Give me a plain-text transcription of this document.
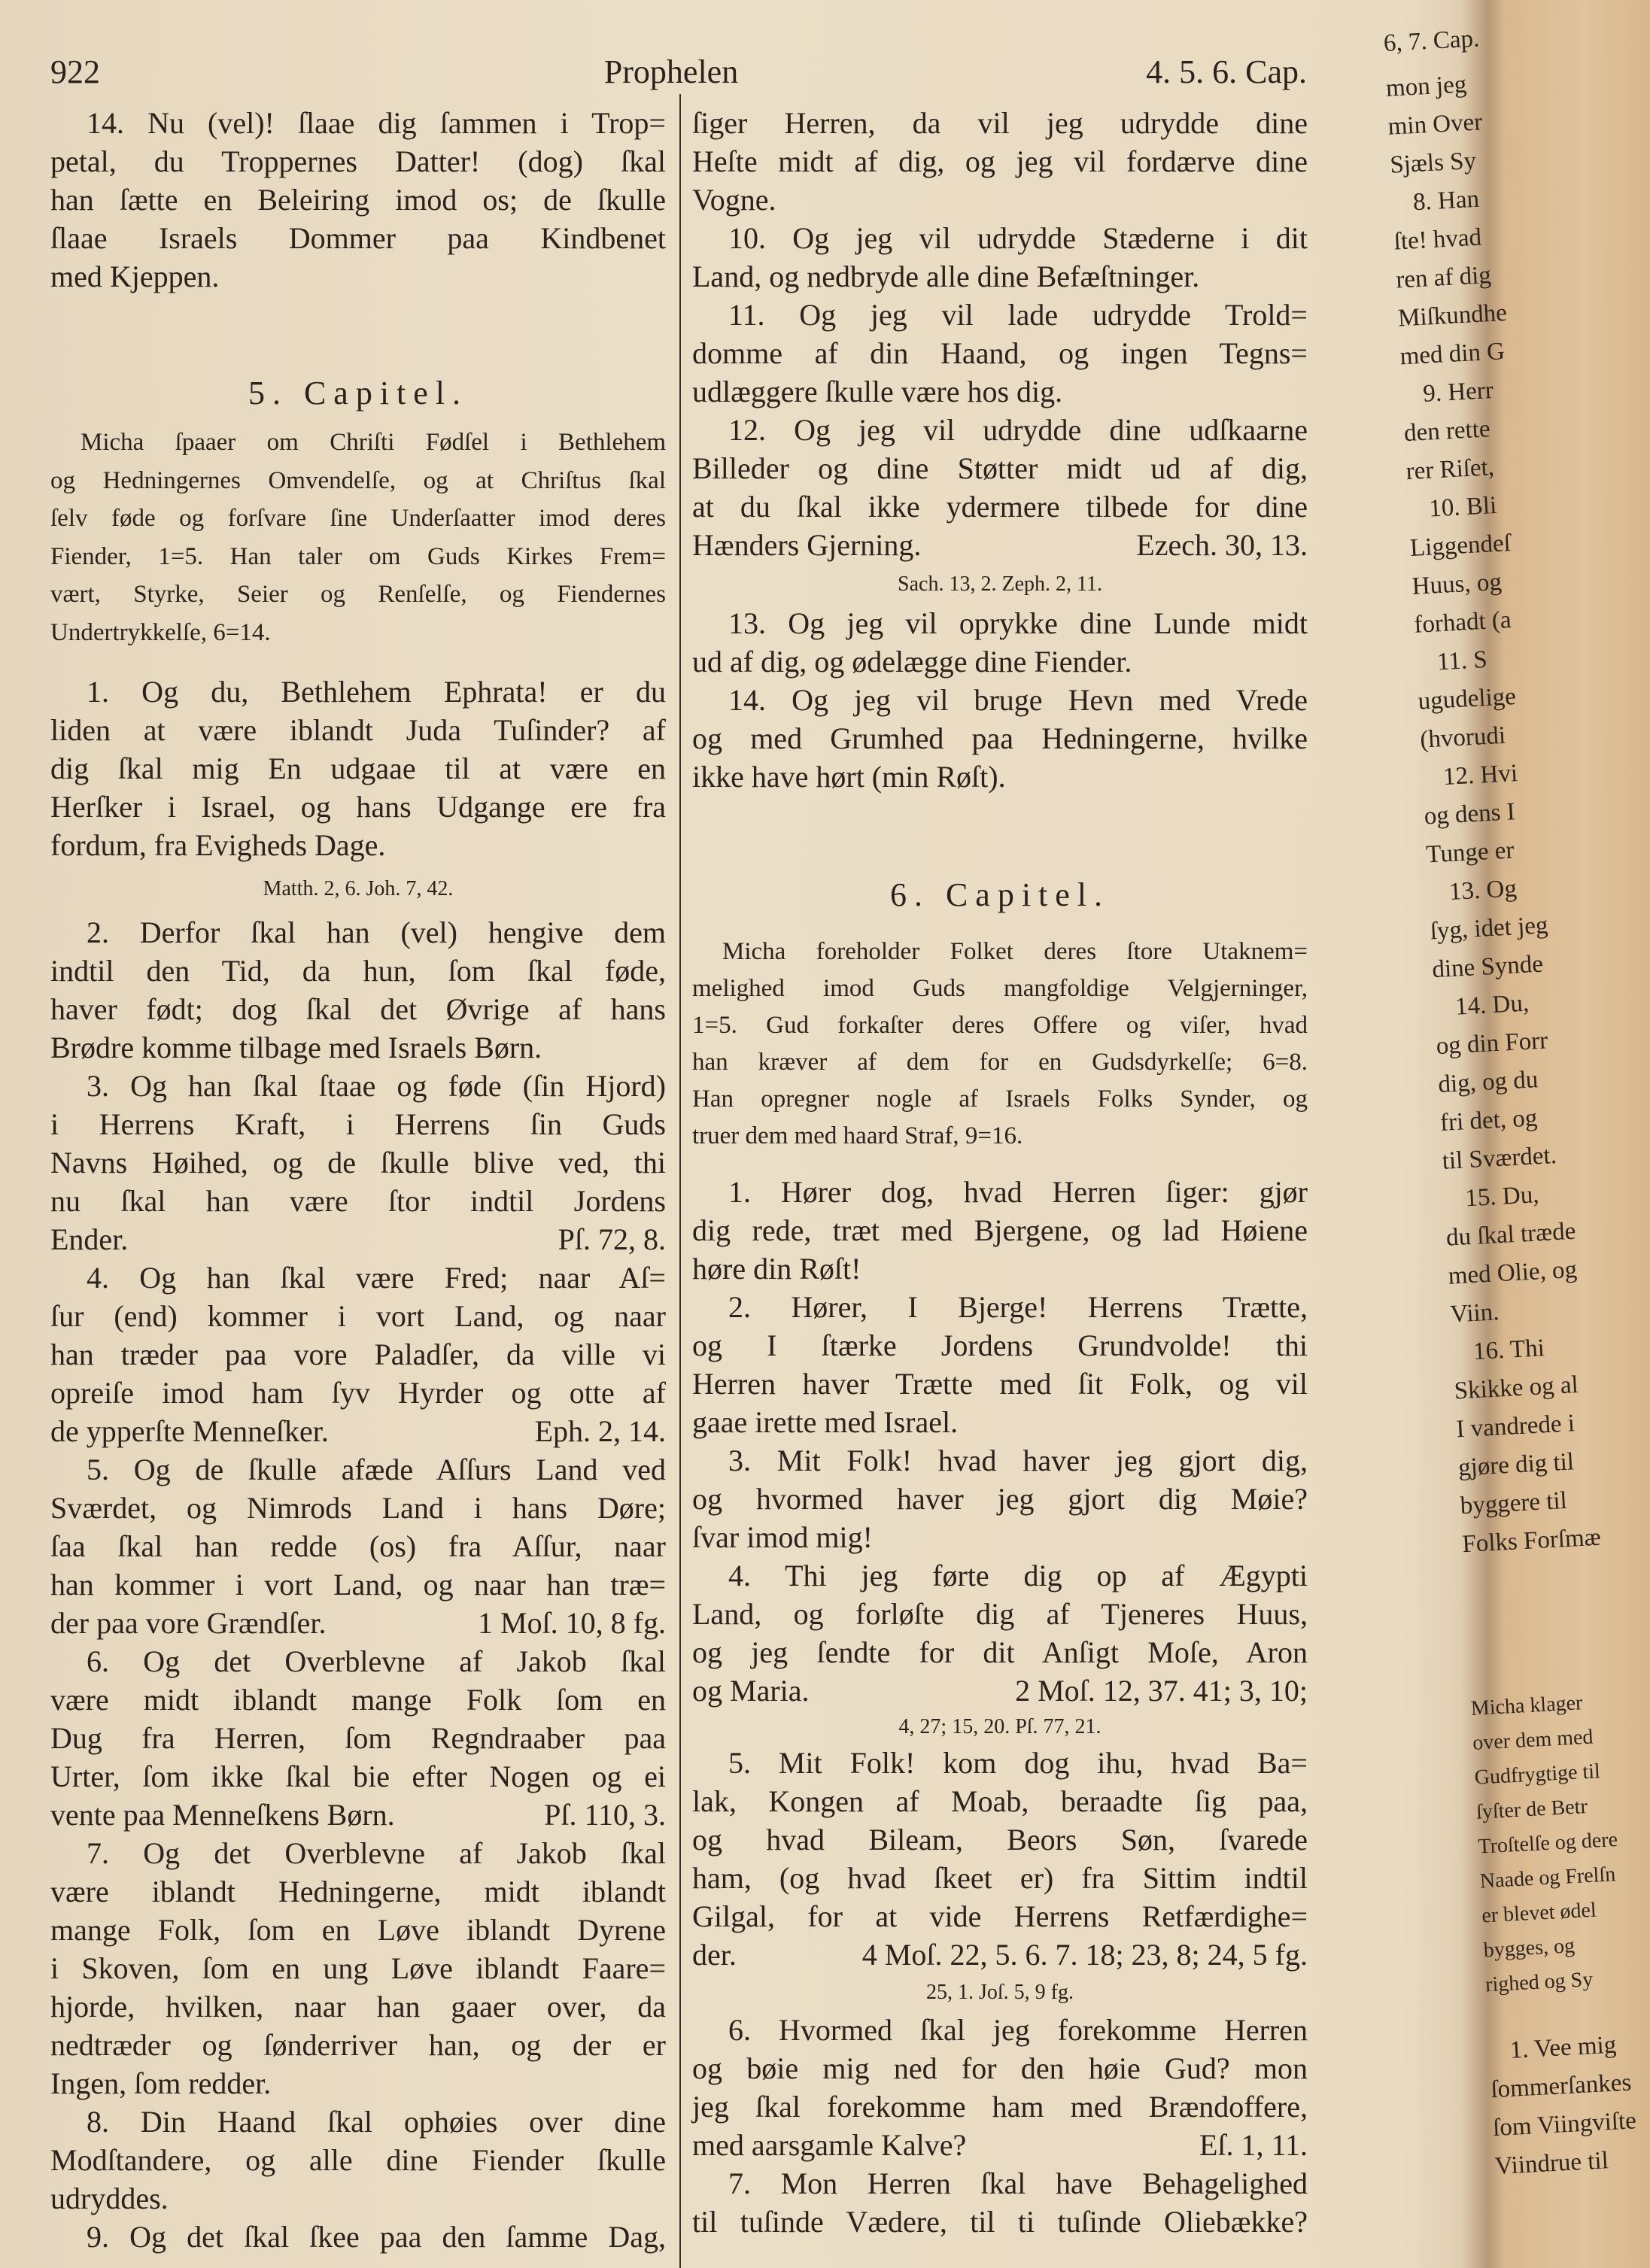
922	Prophelen	4. 5. 6. Cap.
14. Nu (vel)! ſlaae dig ſammen i Trop=
petal, du Troppernes Datter! (dog) ſkal
han ſætte en Beleiring imod os; de ſkulle
ſlaae Israels Dommer paa Kindbenet
med Kjeppen.
5. Capitel.
Micha ſpaaer om Chriſti Fødſel i Bethlehem
og Hedningernes Omvendelſe, og at Chriſtus ſkal
ſelv føde og forſvare ſine Underſaatter imod deres
Fiender, 1=5. Han taler om Guds Kirkes Frem=
vært, Styrke, Seier og Renſelſe, og Fiendernes
Undertrykkelſe, 6=14.
1. Og du, Bethlehem Ephrata! er du
liden at være iblandt Juda Tuſinder? af
dig ſkal mig En udgaae til at være en
Herſker i Israel, og hans Udgange ere fra
fordum, fra Evigheds Dage.
Matth. 2, 6. Joh. 7, 42.
2. Derfor ſkal han (vel) hengive dem
indtil den Tid, da hun, ſom ſkal føde,
haver født; dog ſkal det Øvrige af hans
Brødre komme tilbage med Israels Børn.
3. Og han ſkal ſtaae og føde (ſin Hjord)
i Herrens Kraft, i Herrens ſin Guds
Navns Høihed, og de ſkulle blive ved, thi
nu ſkal han være ſtor indtil Jordens
Ender.	Pſ. 72, 8.
4. Og han ſkal være Fred; naar Aſ=
ſur (end) kommer i vort Land, og naar
han træder paa vore Paladſer, da ville vi
opreiſe imod ham ſyv Hyrder og otte af
de ypperſte Menneſker.	Eph. 2, 14.
5. Og de ſkulle afæde Aſſurs Land ved
Sværdet, og Nimrods Land i hans Døre;
ſaa ſkal han redde (os) fra Aſſur, naar
han kommer i vort Land, og naar han træ=
der paa vore Grændſer.	1 Moſ. 10, 8 fg.
6. Og det Overblevne af Jakob ſkal
være midt iblandt mange Folk ſom en
Dug fra Herren, ſom Regndraaber paa
Urter, ſom ikke ſkal bie efter Nogen og ei
vente paa Menneſkens Børn.	Pſ. 110, 3.
7. Og det Overblevne af Jakob ſkal
være iblandt Hedningerne, midt iblandt
mange Folk, ſom en Løve iblandt Dyrene
i Skoven, ſom en ung Løve iblandt Faare=
hjorde, hvilken, naar han gaaer over, da
nedtræder og ſønderriver han, og der er
Ingen, ſom redder.
8. Din Haand ſkal ophøies over dine
Modſtandere, og alle dine Fiender ſkulle
udryddes.
9. Og det ſkal ſkee paa den ſamme Dag,
ſiger Herren, da vil jeg udrydde dine
Heſte midt af dig, og jeg vil fordærve dine
Vogne.
10. Og jeg vil udrydde Stæderne i dit
Land, og nedbryde alle dine Befæſtninger.
11. Og jeg vil lade udrydde Trold=
domme af din Haand, og ingen Tegns=
udlæggere ſkulle være hos dig.
12. Og jeg vil udrydde dine udſkaarne
Billeder og dine Støtter midt ud af dig,
at du ſkal ikke ydermere tilbede for dine
Hænders Gjerning.	Ezech. 30, 13.
Sach. 13, 2. Zeph. 2, 11.
13. Og jeg vil oprykke dine Lunde midt
ud af dig, og ødelægge dine Fiender.
14. Og jeg vil bruge Hevn med Vrede
og med Grumhed paa Hedningerne, hvilke
ikke have hørt (min Røſt).
6. Capitel.
Micha foreholder Folket deres ſtore Utaknem=
melighed imod Guds mangfoldige Velgjerninger,
1=5. Gud forkaſter deres Offere og viſer, hvad
han kræver af dem for en Gudsdyrkelſe; 6=8.
Han opregner nogle af Israels Folks Synder, og
truer dem med haard Straf, 9=16.
1. Hører dog, hvad Herren ſiger: gjør
dig rede, træt med Bjergene, og lad Høiene
høre din Røſt!
2. Hører, I Bjerge! Herrens Trætte,
og I ſtærke Jordens Grundvolde! thi
Herren haver Trætte med ſit Folk, og vil
gaae irette med Israel.
3. Mit Folk! hvad haver jeg gjort dig,
og hvormed haver jeg gjort dig Møie?
ſvar imod mig!
4. Thi jeg førte dig op af Ægypti
Land, og forløſte dig af Tjeneres Huus,
og jeg ſendte for dit Anſigt Moſe, Aron
og Maria.	2 Moſ. 12, 37. 41; 3, 10;
4, 27; 15, 20. Pſ. 77, 21.
5. Mit Folk! kom dog ihu, hvad Ba=
lak, Kongen af Moab, beraadte ſig paa,
og hvad Bileam, Beors Søn, ſvarede
ham, (og hvad ſkeet er) fra Sittim indtil
Gilgal, for at vide Herrens Retfærdighe=
der.	4 Moſ. 22, 5. 6. 7. 18; 23, 8; 24, 5 fg.
25, 1. Joſ. 5, 9 fg.
6. Hvormed ſkal jeg forekomme Herren
og bøie mig ned for den høie Gud? mon
jeg ſkal forekomme ham med Brændoffere,
med aarsgamle Kalve?	Eſ. 1, 11.
7. Mon Herren ſkal have Behagelighed
til tuſinde Vædere, til ti tuſinde Oliebække?
6, 7. Cap.
mon jeg
min Over
Sjæls Sy
8. Han
ſte! hvad
ren af dig
Miſkundhe
med din G
9. Herr
den rette
rer Riſet,
10. Bli
Liggendeſ
Huus, og
forhadt (a
11. S
ugudelige
(hvorudi
12. Hvi
og dens I
Tunge er
13. Og
ſyg, idet jeg
dine Synde
14. Du,
og din Forr
dig, og du
fri det, og
til Sværdet.
15. Du,
du ſkal træde
med Olie, og
Viin.
16. Thi
Skikke og al
I vandrede i
gjøre dig til
byggere til
Folks Forſmæ
Micha klager
over dem med
Gudfrygtige til
ſyſter de Betr
Troſtelſe og dere
Naade og Frelſn
er blevet ødel
bygges, og
righed og Sy
1. Vee mig
ſommerſankes
ſom Viingviſte
Viindrue til
